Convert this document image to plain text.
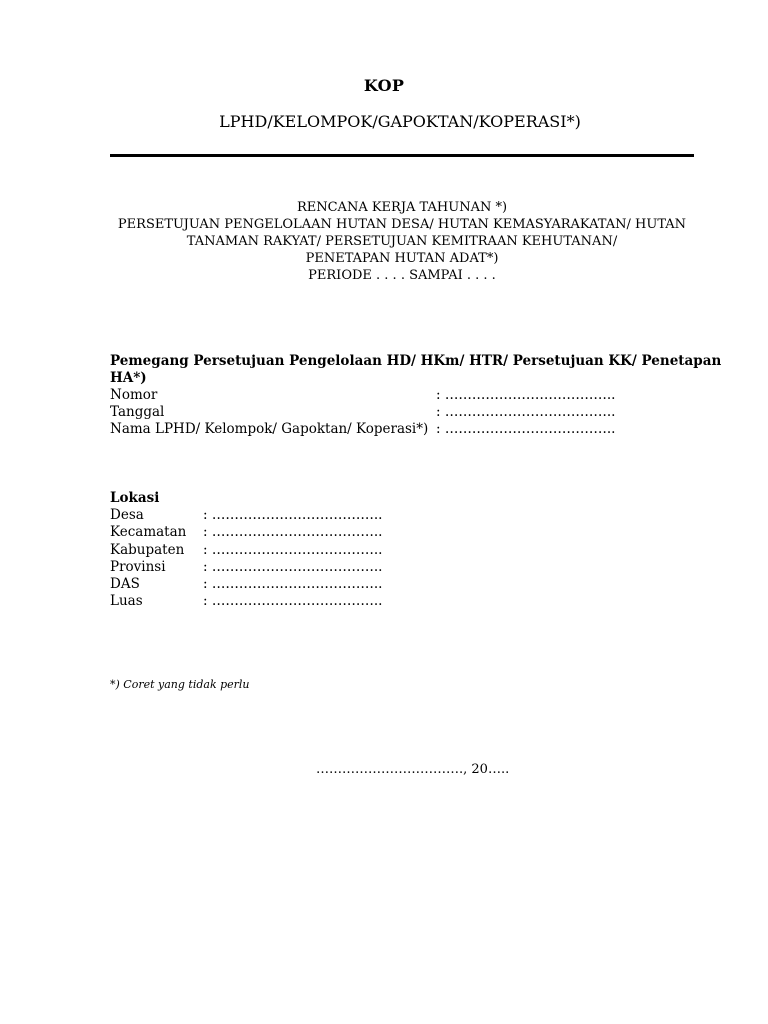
KOP
LPHD/KELOMPOK/GAPOKTAN/KOPERASI*)
RENCANA KERJA TAHUNAN *)
PERSETUJUAN PENGELOLAAN HUTAN DESA/ HUTAN KEMASYARAKATAN/ HUTAN
TANAMAN RAKYAT/ PERSETUJUAN KEMITRAAN KEHUTANAN/
PENETAPAN HUTAN ADAT*)
PERIODE . . . . SAMPAI . . . .
Pemegang Persetujuan Pengelolaan HD/ HKm/ HTR/ Persetujuan KK/ Penetapan
HA*)
Nomor	: ………………………………..
Tanggal	: ………………………………..
Nama LPHD/ Kelompok/ Gapoktan/ Koperasi*) : ………………………………..
Lokasi
Desa	: ………………………………..
Kecamatan : ………………………………..
Kabupaten : ………………………………..
Provinsi	: ………………………………..
DAS	: ………………………………..
Luas	: ………………………………..
*) Coret yang tidak perlu
……………………………., 20…..
